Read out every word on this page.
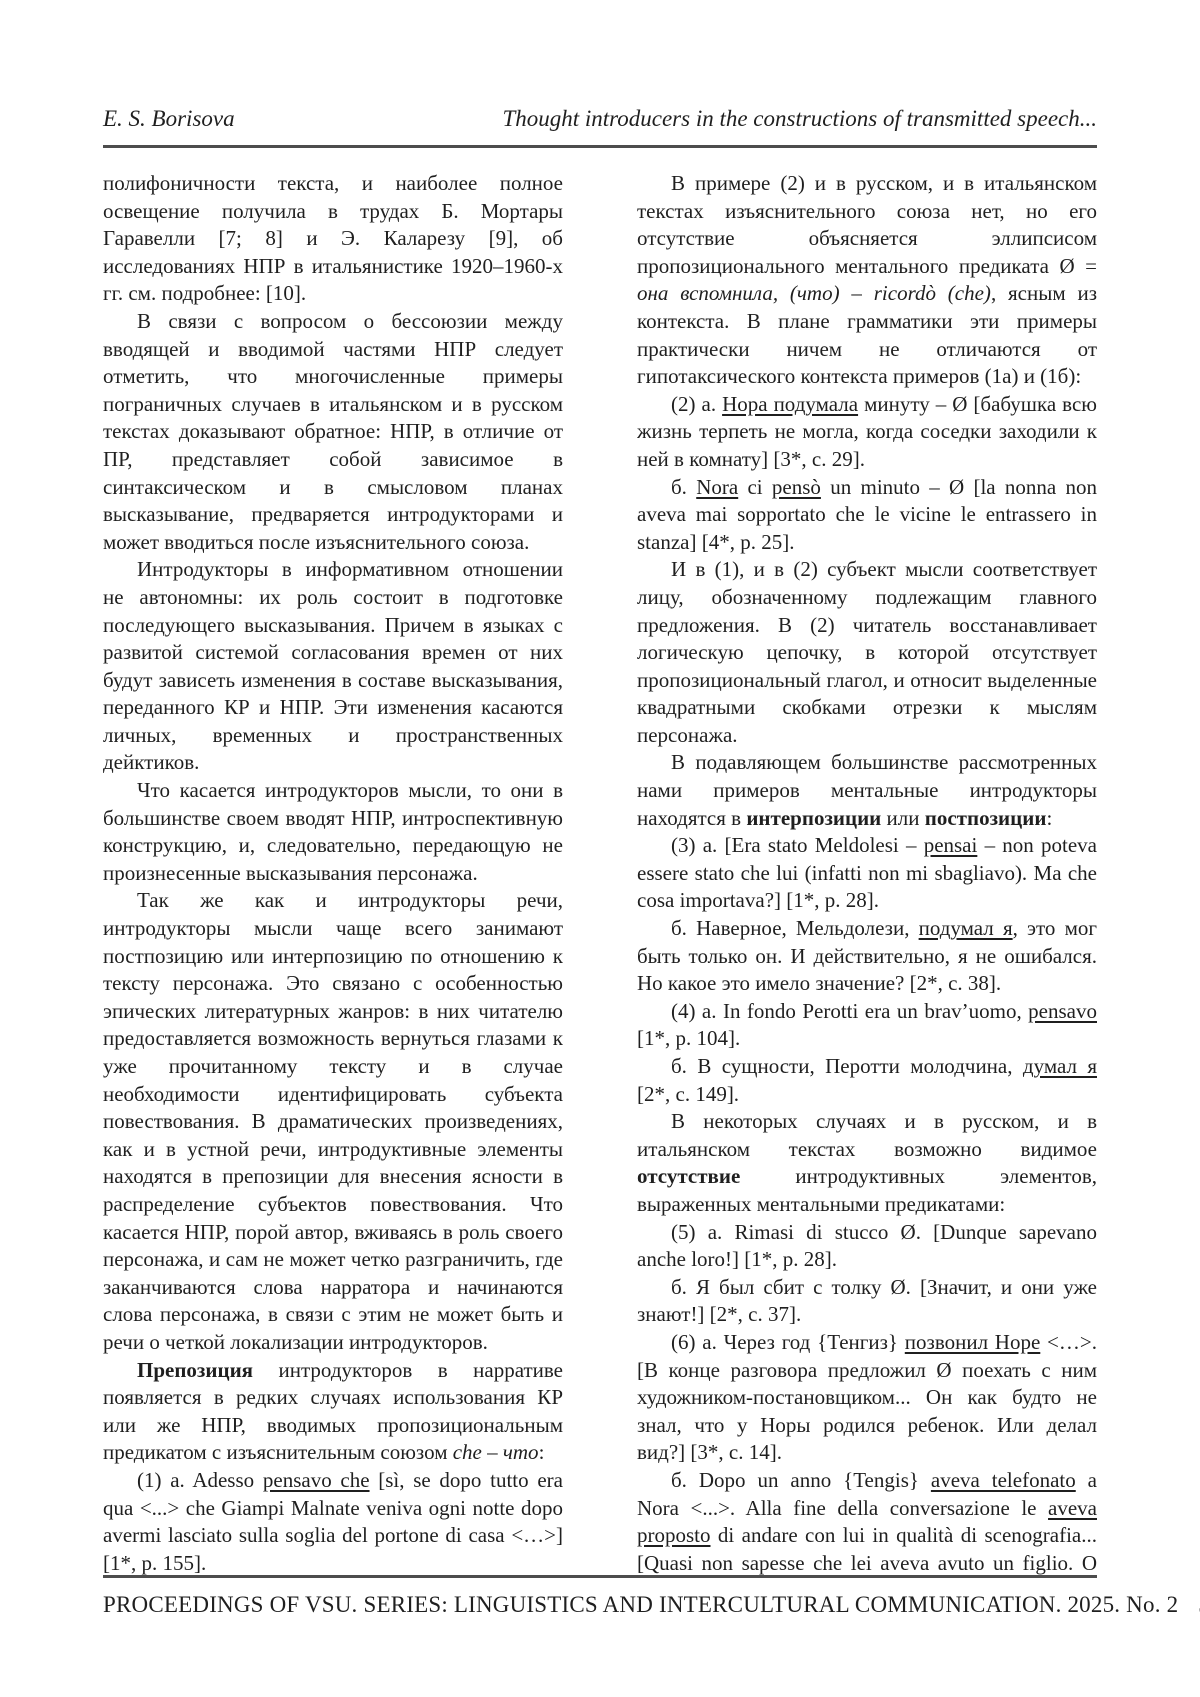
E. S. Borisova	Thought introducers in the constructions of transmitted speech...

полифоничности текста, и наиболее полное освещение получила в трудах Б. Мортары Гаравелли [7; 8] и Э. Каларезу [9], об исследованиях НПР в итальянистике 1920–1960-х гг. см. подробнее: [10].

В связи с вопросом о бессоюзии между вводящей и вводимой частями НПР следует отметить, что многочисленные примеры пограничных случаев в итальянском и в русском текстах доказывают обратное: НПР, в отличие от ПР, представляет собой зависимое в синтаксическом и в смысловом планах высказывание, предваряется интродукторами и может вводиться после изъяснительного союза.

Интродукторы в информативном отношении не автономны: их роль состоит в подготовке последующего высказывания. Причем в языках с развитой системой согласования времен от них будут зависеть изменения в составе высказывания, переданного КР и НПР. Эти изменения касаются личных, временных и пространственных дейктиков.

Что касается интродукторов мысли, то они в большинстве своем вводят НПР, интроспективную конструкцию, и, следовательно, передающую не произнесенные высказывания персонажа.

Так же как и интродукторы речи, интродукторы мысли чаще всего занимают постпозицию или интерпозицию по отношению к тексту персонажа. Это связано с особенностью эпических литературных жанров: в них читателю предоставляется возможность вернуться глазами к уже прочитанному тексту и в случае необходимости идентифицировать субъекта повествования. В драматических произведениях, как и в устной речи, интродуктивные элементы находятся в препозиции для внесения ясности в распределение субъектов повествования. Что касается НПР, порой автор, вживаясь в роль своего персонажа, и сам не может четко разграничить, где заканчиваются слова нарратора и начинаются слова персонажа, в связи с этим не может быть и речи о четкой локализации интродукторов.

Препозиция интродукторов в нарративе появляется в редких случаях использования КР или же НПР, вводимых пропозициональным предикатом с изъяснительным союзом che – что:

(1) a. Adesso pensavo che [sì, se dopo tutto era qua <...> che Giampi Malnate veniva ogni notte dopo avermi lasciato sulla soglia del portone di casa <…>] [1*, p. 155].

В примере (2) и в русском, и в итальянском текстах изъяснительного союза нет, но его отсутствие объясняется эллипсисом пропозиционального ментального предиката Ø = она вспомнила, (что) – ricordò (che), ясным из контекста. В плане грамматики эти примеры практически ничем не отличаются от гипотаксического контекста примеров (1а) и (1б):

(2) а. Нора подумала минуту – Ø [бабушка всю жизнь терпеть не могла, когда соседки заходили к ней в комнату] [3*, с. 29].

б. Nora ci pensò un minuto – Ø [la nonna non aveva mai sopportato che le vicine le entrassero in stanza] [4*, p. 25].

И в (1), и в (2) субъект мысли соответствует лицу, обозначенному подлежащим главного предложения. В (2) читатель восстанавливает логическую цепочку, в которой отсутствует пропозициональный глагол, и относит выделенные квадратными скобками отрезки к мыслям персонажа.

В подавляющем большинстве рассмотренных нами примеров ментальные интродукторы находятся в интерпозиции или постпозиции:

(3) а. [Era stato Meldolesi – pensai – non poteva essere stato che lui (infatti non mi sbagliavo). Ma che cosa importava?] [1*, p. 28].

б. Наверное, Мельдолези, подумал я, это мог быть только он. И действительно, я не ошибался. Но какое это имело значение? [2*, с. 38].

(4) а. In fondo Perotti era un brav’uomo, pensavo [1*, p. 104].

б. В сущности, Перотти молодчина, думал я [2*, с. 149].

В некоторых случаях и в русском, и в итальянском текстах возможно видимое отсутствие интродуктивных элементов, выраженных ментальными предикатами:

(5) а. Rimasi di stucco Ø. [Dunque sapevano anche loro!] [1*, p. 28].

б. Я был сбит с толку Ø. [Значит, и они уже знают!] [2*, с. 37].

(6) а. Через год {Тенгиз} позвонил Норе <…>. [В конце разговора предложил Ø поехать с ним художником-постановщиком... Он как будто не знал, что у Норы родился ребенок. Или делал вид?] [3*, с. 14].

б. Dopo un anno {Tengis} aveva telefonato a Nora <...>. Alla fine della conversazione le aveva proposto di andare con lui in qualità di scenografia... [Quasi non sapesse che lei aveva avuto un figlio. O

PROCEEDINGS OF VSU. SERIES: LINGUISTICS AND INTERCULTURAL COMMUNICATION. 2025. No. 2
